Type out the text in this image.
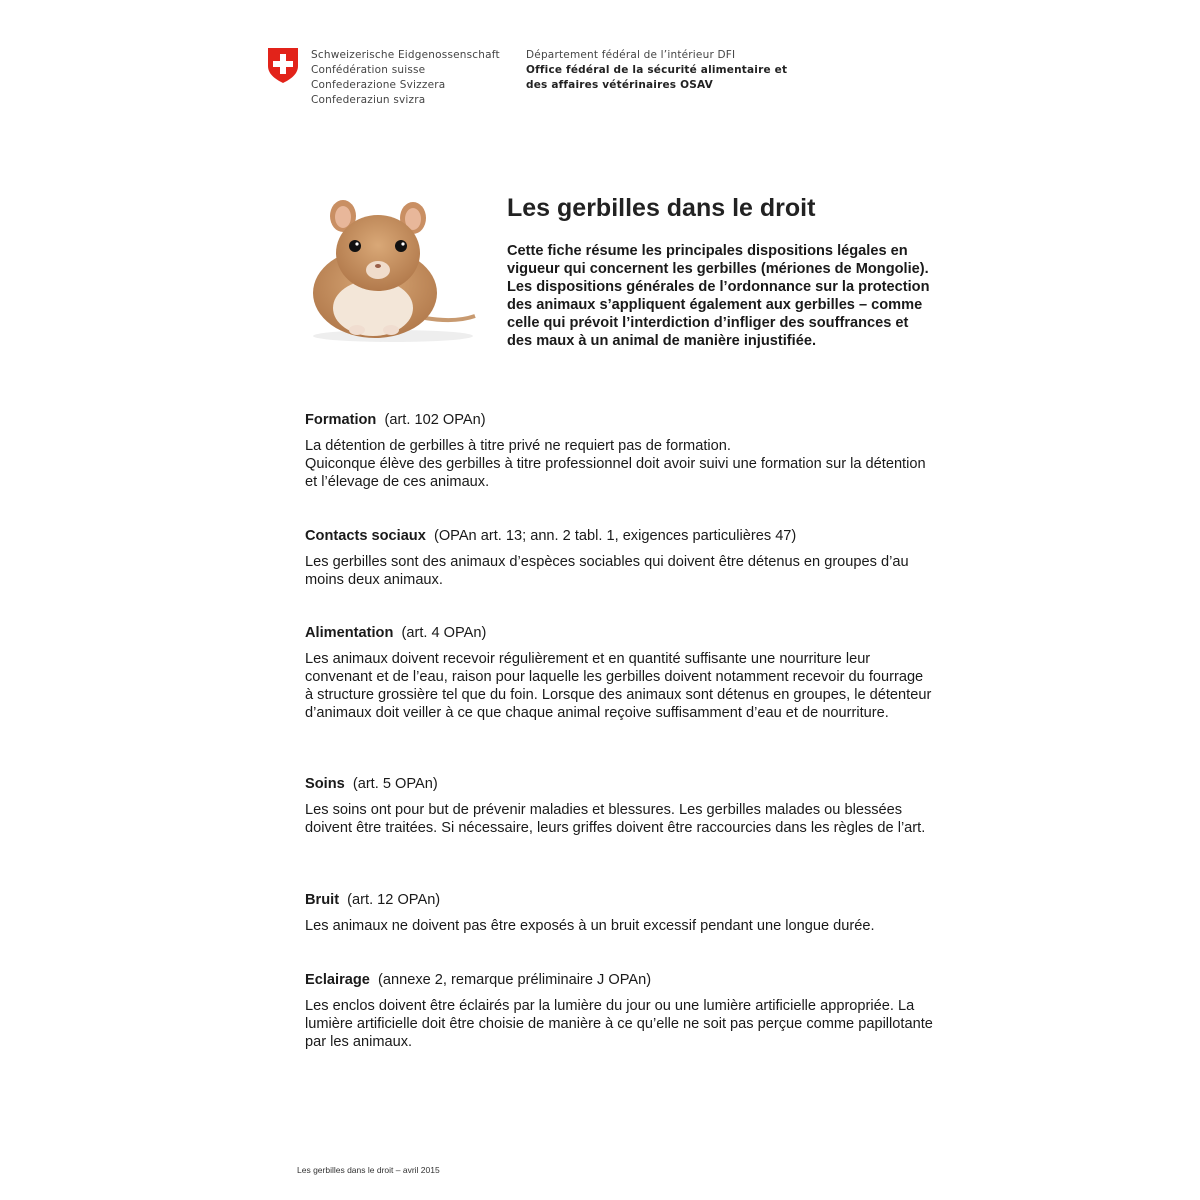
Schweizerische Eidgenossenschaft
Confédération suisse
Confederazione Svizzera
Confederaziun svizra
Département fédéral de l’intérieur DFI
Office fédéral de la sécurité alimentaire et
des affaires vétérinaires OSAV
Les gerbilles dans le droit

Cette fiche résume les principales dispositions légales en vigueur qui concernent les gerbilles (mériones de Mongolie). Les dispositions générales de l’ordonnance sur la protection des animaux s’appliquent également aux gerbilles – comme celle qui prévoit l’interdiction d’infliger des souffrances et des maux à un animal de manière injustifiée.

Formation (art. 102 OPAn)

La détention de gerbilles à titre privé ne requiert pas de formation.
Quiconque élève des gerbilles à titre professionnel doit avoir suivi une formation sur la détention et l’élevage de ces animaux.

Contacts sociaux (OPAn art. 13; ann. 2 tabl. 1, exigences particulières 47)

Les gerbilles sont des animaux d’espèces sociables qui doivent être détenus en groupes d’au moins deux animaux.

Alimentation (art. 4 OPAn)

Les animaux doivent recevoir régulièrement et en quantité suffisante une nourriture leur convenant et de l’eau, raison pour laquelle les gerbilles doivent notamment recevoir du fourrage à structure grossière tel que du foin. Lorsque des animaux sont détenus en groupes, le détenteur d’animaux doit veiller à ce que chaque animal reçoive suffisamment d’eau et de nourriture.

Soins (art. 5 OPAn)

Les soins ont pour but de prévenir maladies et blessures. Les gerbilles malades ou blessées doivent être traitées. Si nécessaire, leurs griffes doivent être raccourcies dans les règles de l’art.

Bruit (art. 12 OPAn)

Les animaux ne doivent pas être exposés à un bruit excessif pendant une longue durée.

Eclairage (annexe 2, remarque préliminaire J OPAn)

Les enclos doivent être éclairés par la lumière du jour ou une lumière artificielle appropriée. La lumière artificielle doit être choisie de manière à ce qu’elle ne soit pas perçue comme papillotante par les animaux.

Les gerbilles dans le droit – avril 2015
